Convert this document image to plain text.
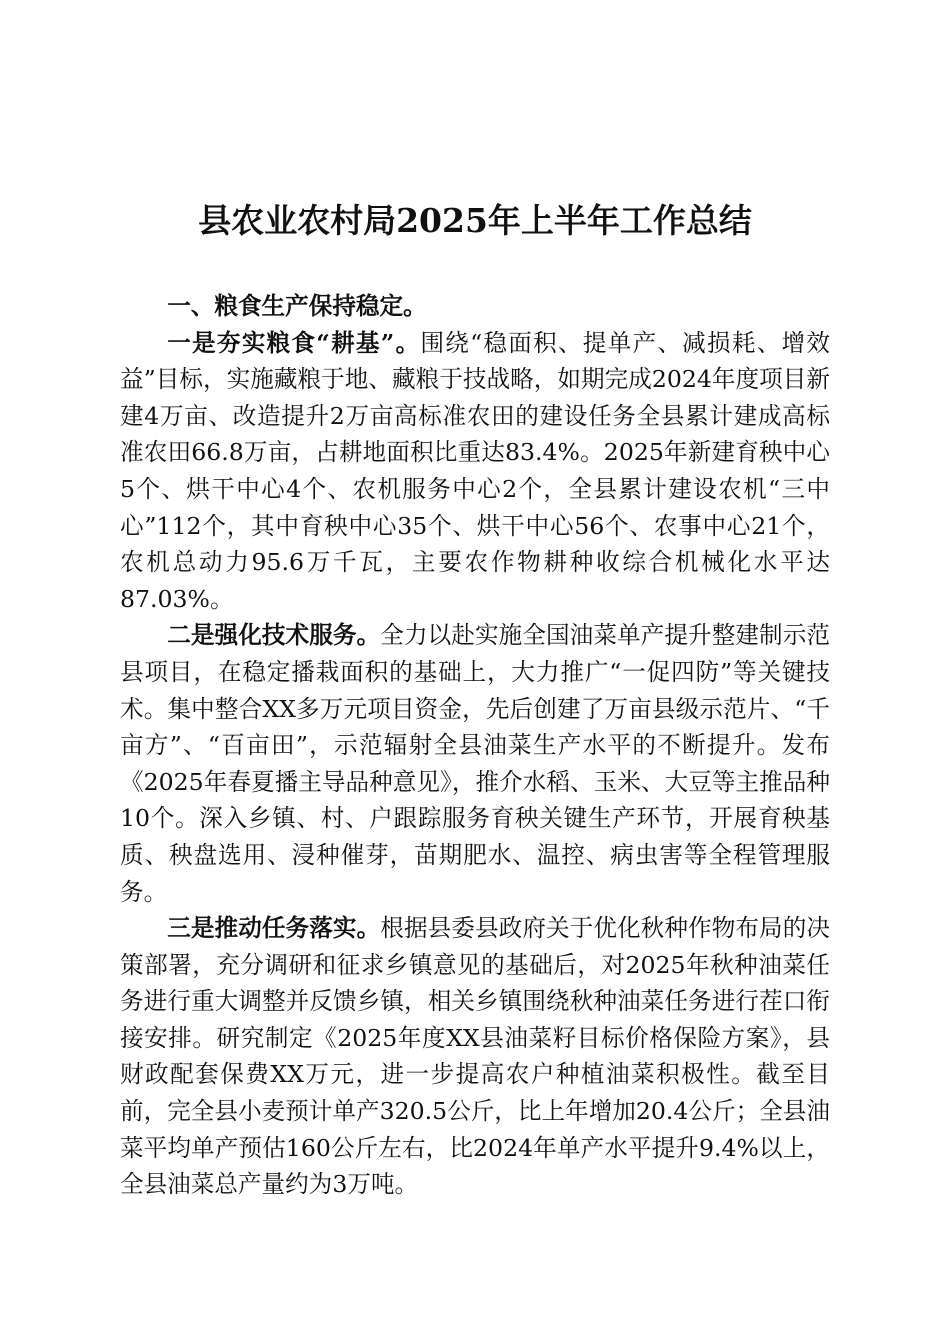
县农业农村局2025年上半年工作总结

一、粮食生产保持稳定。

一是夯实粮食“耕基”。围绕“稳面积、提单产、减损耗、增效益”目标，实施藏粮于地、藏粮于技战略，如期完成2024年度项目新建4万亩、改造提升2万亩高标准农田的建设任务全县累计建成高标准农田66.8万亩，占耕地面积比重达83.4%。2025年新建育秧中心5个、烘干中心4个、农机服务中心2个，全县累计建设农机“三中心”112个，其中育秧中心35个、烘干中心56个、农事中心21个，农机总动力95.6万千瓦，主要农作物耕种收综合机械化水平达87.03%。

二是强化技术服务。全力以赴实施全国油菜单产提升整建制示范县项目，在稳定播栽面积的基础上，大力推广“一促四防”等关键技术。集中整合XX多万元项目资金，先后创建了万亩县级示范片、“千亩方”、“百亩田”，示范辐射全县油菜生产水平的不断提升。发布《2025年春夏播主导品种意见》，推介水稻、玉米、大豆等主推品种10个。深入乡镇、村、户跟踪服务育秧关键生产环节，开展育秧基质、秧盘选用、浸种催芽，苗期肥水、温控、病虫害等全程管理服务。

三是推动任务落实。根据县委县政府关于优化秋种作物布局的决策部署，充分调研和征求乡镇意见的基础后，对2025年秋种油菜任务进行重大调整并反馈乡镇，相关乡镇围绕秋种油菜任务进行茬口衔接安排。研究制定《2025年度XX县油菜籽目标价格保险方案》，县财政配套保费XX万元，进一步提高农户种植油菜积极性。截至目前，完全县小麦预计单产320.5公斤，比上年增加20.4公斤；全县油菜平均单产预估160公斤左右，比2024年单产水平提升9.4%以上，全县油菜总产量约为3万吨。
